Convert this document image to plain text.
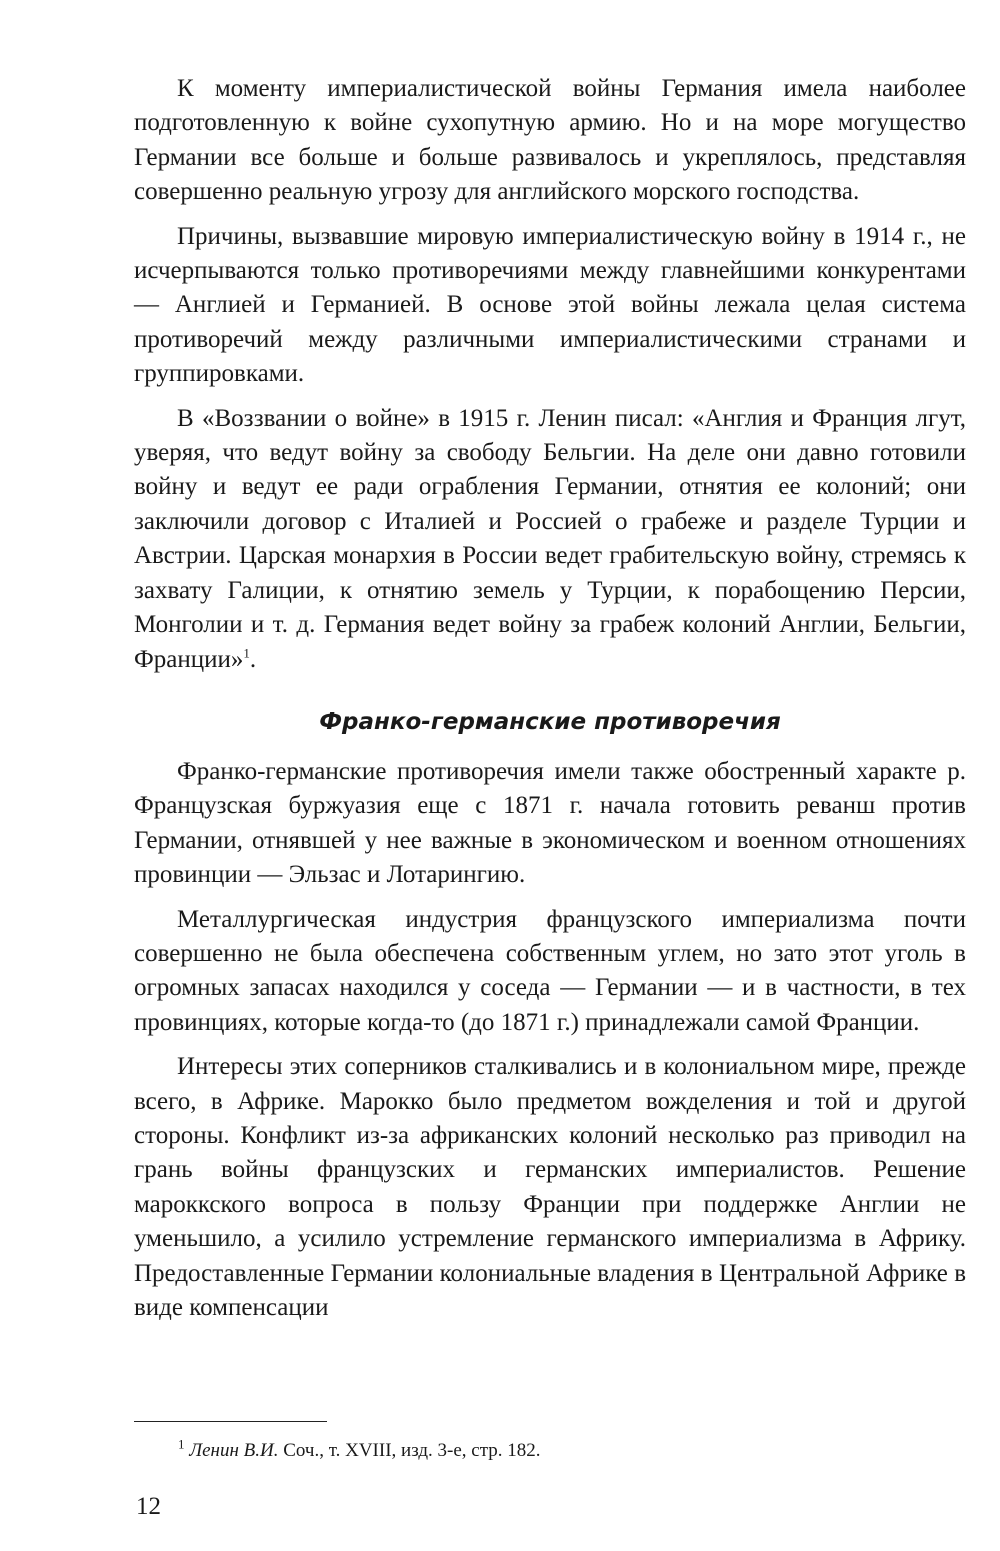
К моменту империалистической войны Германия имела наиболее подготовленную к войне сухопутную армию. Но и на море могущество Германии все больше и больше развивалось и укреплялось, представляя совершенно реальную угрозу для английского морского господства.

Причины, вызвавшие мировую империалистическую войну в 1914 г., не исчерпываются только противоречиями между главнейшими конкурентами — Англией и Германией. В основе этой войны лежала целая система противоречий между различными империалистическими странами и группировками.

В «Воззвании о войне» в 1915 г. Ленин писал: «Англия и Франция лгут, уверяя, что ведут войну за свободу Бельгии. На деле они давно готовили войну и ведут ее ради ограбления Германии, отнятия ее колоний; они заключили договор с Италией и Россией о грабеже и разделе Турции и Австрии. Царская монархия в России ведет грабительскую войну, стремясь к захвату Галиции, к отнятию земель у Турции, к порабощению Персии, Монголии и т. д. Германия ведет войну за грабеж колоний Англии, Бельгии, Франции»$^1$.

Франко-германские противоречия

Франко-германские противоречия имели также обостренный характе р. Французская буржуазия еще с 1871 г. начала готовить реванш против Германии, отнявшей у нее важные в экономическом и военном отношениях провинции — Эльзас и Лотарингию.

Металлургическая индустрия французского империализма почти совершенно не была обеспечена собственным углем, но зато этот уголь в огромных запасах находился у соседа — Германии — и в частности, в тех провинциях, которые когда-то (до 1871 г.) принадлежали самой Франции.

Интересы этих соперников сталкивались и в колониальном мире, прежде всего, в Африке. Марокко было предметом вожделения и той и другой стороны. Конфликт из-за африканских колоний несколько раз приводил на грань войны французских и германских империалистов. Решение мароккского вопроса в пользу Франции при поддержке Англии не уменьшило, а усилило устремление германского империализма в Африку. Предоставленные Германии колониальные владения в Центральной Африке в виде компенсации

$^1$ Ленин В.И. Соч., т. XVIII, изд. 3-е, стр. 182.
12
